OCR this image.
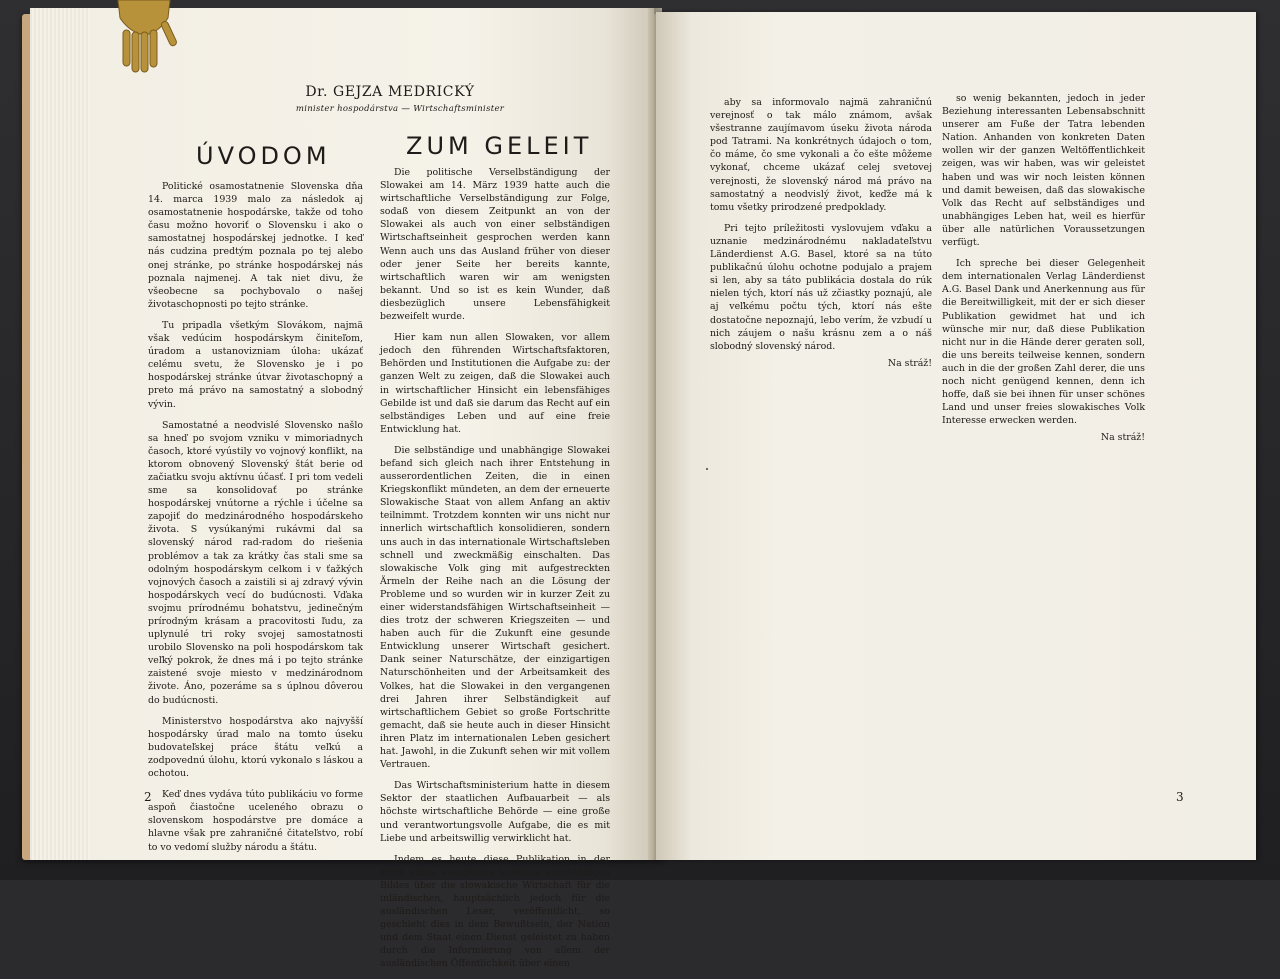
Dr. GEJZA MEDRICKÝ
minister hospodárstva — Wirtschaftsminister
ÚVODOM	ZUM GELEIT

Politické osamostatnenie Slovenska dňa 14. marca 1939 malo za následok aj osamostatnenie hospodárske, takže od toho času možno hovoriť o Slovensku i ako o samostatnej hospodárskej jednotke. I keď nás cudzina predtým poznala po tej alebo onej stránke, po stránke hospodárskej nás poznala najmenej. A tak niet divu, že všeobecne sa pochybovalo o našej životaschopnosti po tejto stránke.

Tu pripadla všetkým Slovákom, najmä však vedúcim hospodárskym činiteľom, úradom a ustanovizniam úloha: ukázať celému svetu, že Slovensko je i po hospodárskej stránke útvar životaschopný a preto má právo na samostatný a slobodný vývin.

Samostatné a neodvislé Slovensko našlo sa hneď po svojom vzniku v mimoriadnych časoch, ktoré vyústily vo vojnový konflikt, na ktorom obnovený Slovenský štát berie od začiatku svoju aktívnu účasť. I pri tom vedeli sme sa konsolidovať po stránke hospodárskej vnútorne a rýchle i účelne sa zapojiť do medzinárodného hospodárskeho života. S vysúkanými rukávmi dal sa slovenský národ rad-radom do riešenia problémov a tak za krátky čas stali sme sa odolným hospodárskym celkom i v ťažkých vojnových časoch a zaistili si aj zdravý vývin hospodárskych vecí do budúcnosti. Vďaka svojmu prírodnému bohatstvu, jedinečným prírodným krásam a pracovitosti ľudu, za uplynulé tri roky svojej samostatnosti urobilo Slovensko na poli hospodárskom tak veľký pokrok, že dnes má i po tejto stránke zaistené svoje miesto v medzinárodnom živote. Áno, pozeráme sa s úplnou dôverou do budúcnosti.

Ministerstvo hospodárstva ako najvyšší hospodársky úrad malo na tomto úseku budovateľskej práce štátu veľkú a zodpovednú úlohu, ktorú vykonalo s láskou a ochotou.

Keď dnes vydáva túto publikáciu vo forme aspoň čiastočne uceleného obrazu o slovenskom hospodárstve pre domáce a hlavne však pre zahraničné čitateľstvo, robí to vo vedomí služby národu a štátu.

Die politische Verselbständigung der Slowakei am 14. März 1939 hatte auch die wirtschaftliche Verselbständigung zur Folge, sodaß von diesem Zeitpunkt an von der Slowakei als auch von einer selbständigen Wirtschaftseinheit gesprochen werden kann Wenn auch uns das Ausland früher von dieser oder jener Seite her bereits kannte, wirtschaftlich waren wir am wenigsten bekannt. Und so ist es kein Wunder, daß diesbezüglich unsere Lebensfähigkeit bezweifelt wurde.

Hier kam nun allen Slowaken, vor allem jedoch den führenden Wirtschaftsfaktoren, Behörden und Institutionen die Aufgabe zu: der ganzen Welt zu zeigen, daß die Slowakei auch in wirtschaftlicher Hinsicht ein lebensfähiges Gebilde ist und daß sie darum das Recht auf ein selbständiges Leben und auf eine freie Entwicklung hat.

Die selbständige und unabhängige Slowakei befand sich gleich nach ihrer Entstehung in ausserordentlichen Zeiten, die in einen Kriegskonflikt mündeten, an dem der erneuerte Slowakische Staat von allem Anfang an aktiv teilnimmt. Trotzdem konnten wir uns nicht nur innerlich wirtschaftlich konsolidieren, sondern uns auch in das internationale Wirtschaftsleben schnell und zweckmäßig einschalten. Das slowakische Volk ging mit aufgestreckten Ärmeln der Reihe nach an die Lösung der Probleme und so wurden wir in kurzer Zeit zu einer widerstandsfähigen Wirtschaftseinheit — dies trotz der schweren Kriegszeiten — und haben auch für die Zukunft eine gesunde Entwicklung unserer Wirtschaft gesichert. Dank seiner Naturschätze, der einzigartigen Naturschönheiten und der Arbeitsamkeit des Volkes, hat die Slowakei in den vergangenen drei Jahren ihrer Selbständigkeit auf wirtschaftlichem Gebiet so große Fortschritte gemacht, daß sie heute auch in dieser Hinsicht ihren Platz im internationalen Leben gesichert hat. Jawohl, in die Zukunft sehen wir mit vollem Vertrauen.

Das Wirtschaftsministerium hatte in diesem Sektor der staatlichen Aufbauarbeit — als höchste wirtschaftliche Behörde — eine große und verantwortungsvolle Aufgabe, die es mit Liebe und arbeitswillig verwirklicht hat.

Indem es heute diese Publikation in der Form eines wenigstens teilweise vollständigen Bildes über die slowakische Wirtschaft für die inländischen, hauptsächlich jedoch für die ausländischen Leser, veröffentlicht, so geschieht dies in dem Bewußtsein, der Nation und dem Staat einen Dienst geleistet zu haben durch die Informierung von allem der ausländischen Öffentlichkeit über einen

2

aby sa informovalo najmä zahraničnú verejnosť o tak málo známom, avšak všestranne zaujímavom úseku života národa pod Tatrami. Na konkrétnych údajoch o tom, čo máme, čo sme vykonali a čo ešte môžeme vykonať, chceme ukázať celej svetovej verejnosti, že slovenský národ má právo na samostatný a neodvislý život, keďže má k tomu všetky prirodzené predpoklady.

Pri tejto príležitosti vyslovujem vďaku a uznanie medzinárodnému nakladateľstvu Länderdienst A.G. Basel, ktoré sa na túto publikačnú úlohu ochotne podujalo a prajem si len, aby sa táto publikácia dostala do rúk nielen tých, ktorí nás už zčiastky poznajú, ale aj veľkému počtu tých, ktorí nás ešte dostatočne nepoznajú, lebo verím, že vzbudí u nich záujem o našu krásnu zem a o náš slobodný slovenský národ.

Na stráž!

so wenig bekannten, jedoch in jeder Beziehung interessanten Lebensabschnitt unserer am Fuße der Tatra lebenden Nation. Anhanden von konkreten Daten wollen wir der ganzen Weltöffentlichkeit zeigen, was wir haben, was wir geleistet haben und was wir noch leisten können und damit beweisen, daß das slowakische Volk das Recht auf selbständiges und unabhängiges Leben hat, weil es hierfür über alle natürlichen Voraussetzungen verfügt.

Ich spreche bei dieser Gelegenheit dem internationalen Verlag Länderdienst A.G. Basel Dank und Anerkennung aus für die Bereitwilligkeit, mit der er sich dieser Publikation gewidmet hat und ich wünsche mir nur, daß diese Publikation nicht nur in die Hände derer geraten soll, die uns bereits teilweise kennen, sondern auch in die der großen Zahl derer, die uns noch nicht genügend kennen, denn ich hoffe, daß sie bei ihnen für unser schönes Land und unser freies slowakisches Volk Interesse erwecken werden.

Na stráž!

3
